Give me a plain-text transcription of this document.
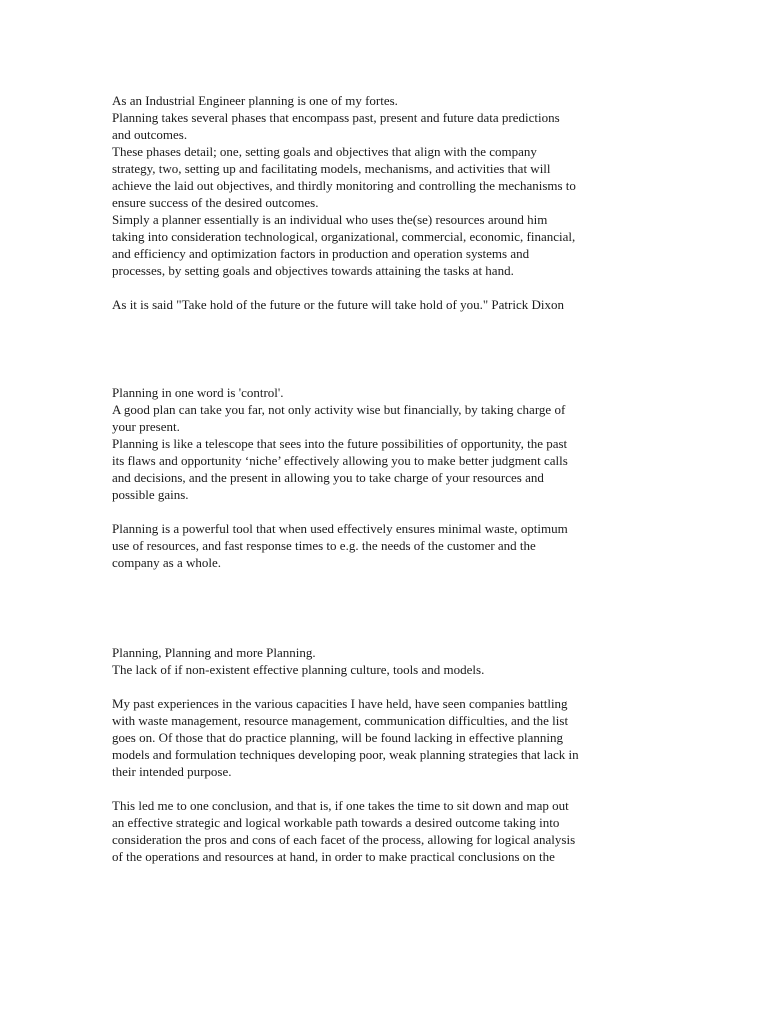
As an Industrial Engineer planning is one of my fortes.
Planning takes several phases that encompass past, present and future data predictions
and outcomes.
These phases detail; one, setting goals and objectives that align with the company
strategy, two, setting up and facilitating models, mechanisms, and activities that will
achieve the laid out objectives, and thirdly monitoring and controlling the mechanisms to
ensure success of the desired outcomes.
Simply a planner essentially is an individual who uses the(se) resources around him
taking into consideration technological, organizational, commercial, economic, financial,
and efficiency and optimization factors in production and operation systems and
processes, by setting goals and objectives towards attaining the tasks at hand.
As it is said "Take hold of the future or the future will take hold of you." Patrick Dixon
Planning in one word is 'control'.
A good plan can take you far, not only activity wise but financially, by taking charge of
your present.
Planning is like a telescope that sees into the future possibilities of opportunity, the past
its flaws and opportunity ‘niche’ effectively allowing you to make better judgment calls
and decisions, and the present in allowing you to take charge of your resources and
possible gains.
Planning is a powerful tool that when used effectively ensures minimal waste, optimum
use of resources, and fast response times to e.g. the needs of the customer and the
company as a whole.
Planning, Planning and more Planning.
The lack of if non-existent effective planning culture, tools and models.
My past experiences in the various capacities I have held, have seen companies battling
with waste management, resource management, communication difficulties, and the list
goes on. Of those that do practice planning, will be found lacking in effective planning
models and formulation techniques developing poor, weak planning strategies that lack in
their intended purpose.
This led me to one conclusion, and that is, if one takes the time to sit down and map out
an effective strategic and logical workable path towards a desired outcome taking into
consideration the pros and cons of each facet of the process, allowing for logical analysis
of the operations and resources at hand, in order to make practical conclusions on the
